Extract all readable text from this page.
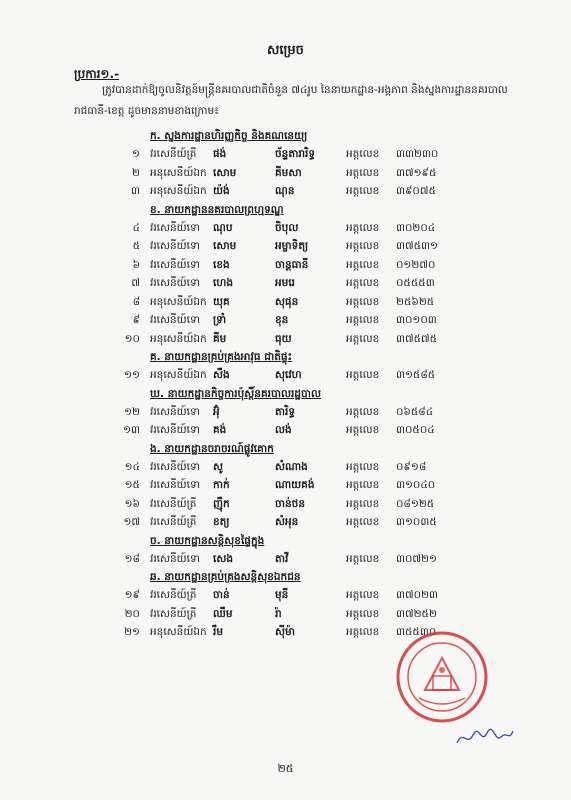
សម្រេច
ប្រការ១.-
ត្រូវបានដាក់ឱ្យចូលនិវត្តន៍មន្ត្រីនគរបាលជាតិចំនួន ៧៤រូប នៃនាយកដ្ឋាន-អង្គភាព និងស្នងការដ្ឋាននគរបាលរាជធានី-ខេត្ត ដូចមាននាមខាងក្រោម៖
ក. ស្នងការដ្ឋានហិរញ្ញកិច្ច និងគណនេយ្យ
១ វរសេនីយ៍ត្រី ផង់	ច័ន្ទតារារិទ្ធ	អត្តលេខ ៣៣២៣០
២ អនុសេនីយ៍ឯក សោម	គីមសា	អត្តលេខ ៣៧១៩៥
៣ អនុសេនីយ៍ឯក យ៉ង់	ណុន	អត្តលេខ ៣៩០៧៥
ខ. នាយកដ្ឋាននគរបាលព្រហ្មទណ្ឌ
៤ វរសេនីយ៍ទោ ណុប	ចិបុល	អត្តលេខ ៣០២០៤
៥ វរសេនីយ៍ទោ សោម	អម្ចាទិត្យ	អត្តលេខ ៣៧៥៣១
៦ វរសេនីយ៍ទោ ខេង	ចាន្តធានី	អត្តលេខ ០១២៧០
៧ វរសេនីយ៍ទោ ហេង	អមរេ	អត្តលេខ ០៥៥៥៣
៨ អនុសេនីយ៍ឯក យុគ	សុផុន	អត្តលេខ ២៥៦២៥
៩ វរសេនីយ៍ទោ ទ្រាំ	ខុន	អត្តលេខ ៣០១០៣
១០ អនុសេនីយ៍ឯក គីម	ធុយ	អត្តលេខ ៣៧៥៧៥
គ. នាយកដ្ឋានគ្រប់គ្រងអាវុធ ជាតិផ្ទុះ
១១ អនុសេនីយ៍ឯក សឹង	សុវេហ	អត្តលេខ ៣១៥៨៥
ឃ. នាយកដ្ឋានកិច្ចការប៉ុស្តិ៍នគរបាលរដ្ឋបាល
១២ វរសេនីយ៍ទោ អ៊ុំ	តារិទ្ធ	អត្តលេខ ០៦៥៨៤
១៣ វរសេនីយ៍ទោ គង់	លង់	អត្តលេខ ៣០៥០៤
ង. នាយកដ្ឋានចរាចរណ៍ផ្លូវគោក
១៤ វរសេនីយ៍ទោ សូ	សំណាង	អត្តលេខ ០៩១៨
១៥ វរសេនីយ៍ទោ កាក់	ណាយគង់	អត្តលេខ ៣១០៤០
១៦ វរសេនីយ៍ត្រី ញ៉ឹក	ចាន់ថន	អត្តលេខ ០៨១២៥
១៧ វរសេនីយ៍ត្រី ខត្យ	សំអុន	អត្តលេខ ៣១០៣៥
ច. នាយកដ្ឋានសន្តិសុខផ្ទៃក្នុង
១៨ វរសេនីយ៍ទោ សេង	តាវី	អត្តលេខ ៣០៧២១
ឆ. នាយកដ្ឋានគ្រប់គ្រងសន្តិសុខឯកជន
១៩ វរសេនីយ៍ត្រី ចាន់	មុនី	អត្តលេខ ៣៧០២៣
២០ វរសេនីយ៍ត្រី ឈឹម	រ៉ា	អត្តលេខ ៣៧២៥២
២១ អនុសេនីយ៍ឯក រឹម	ស៊ីម៉ា	អត្តលេខ ៣៥៥៣០
២៥
